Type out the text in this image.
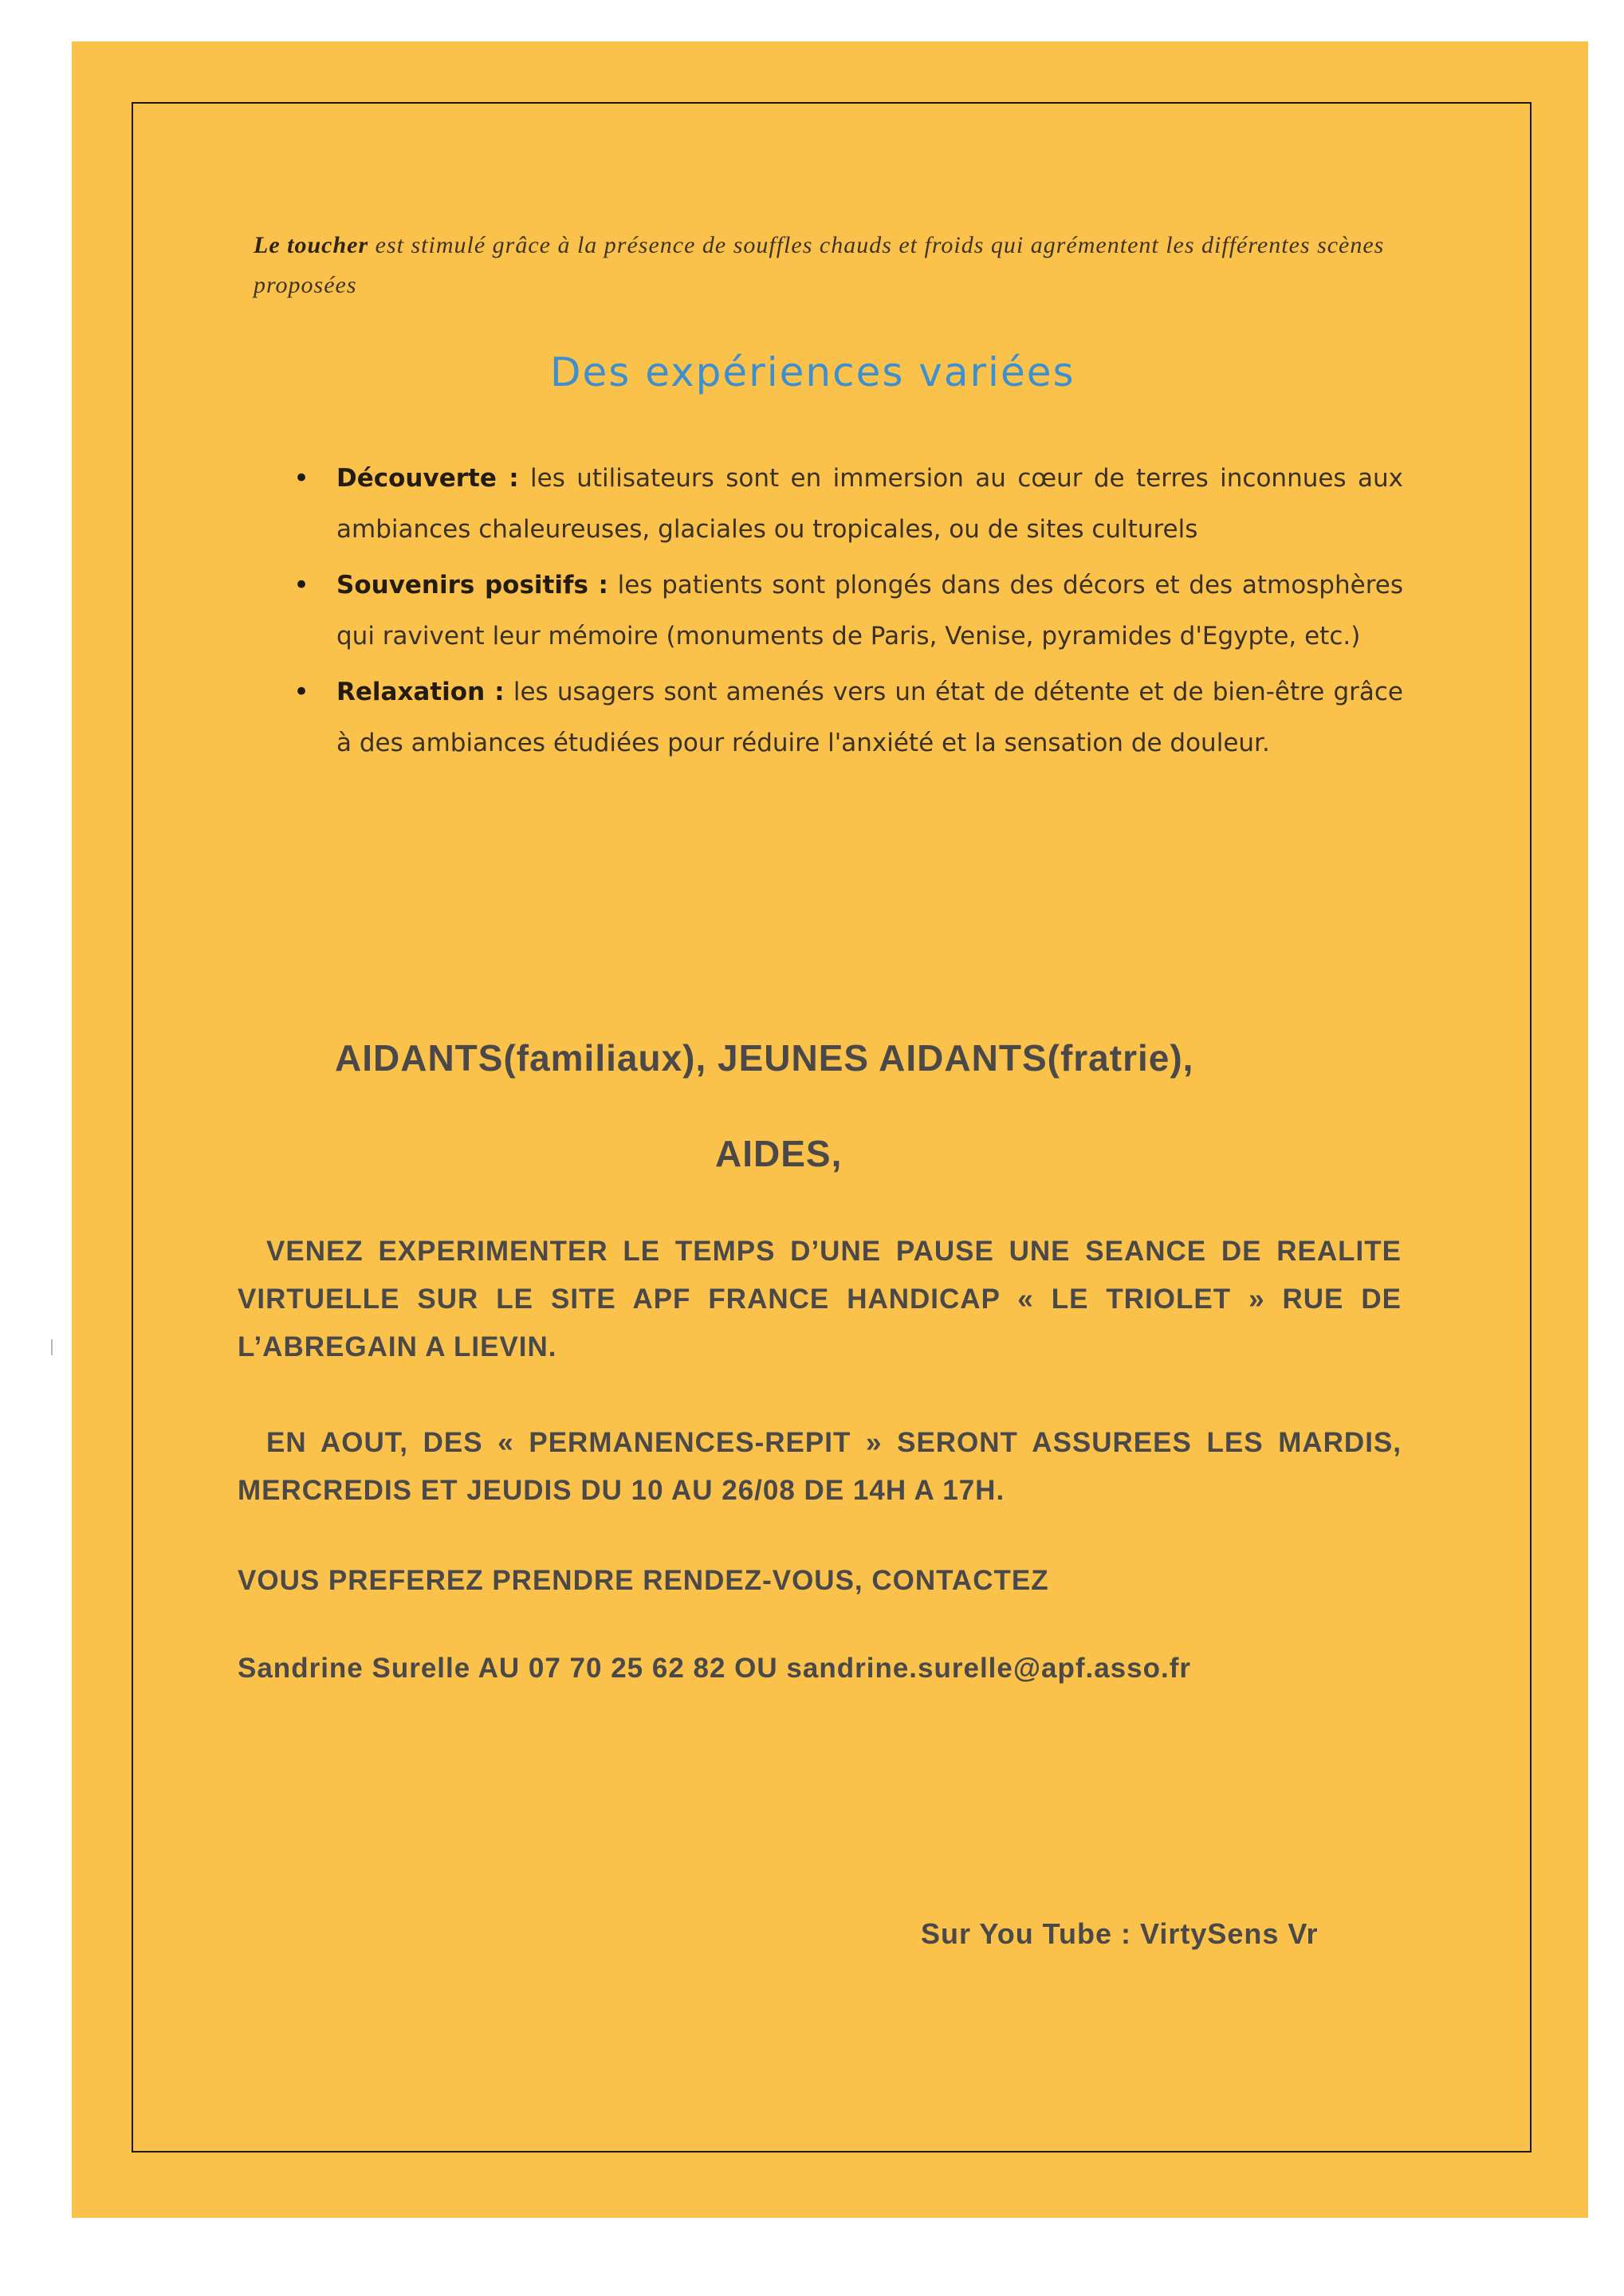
Le toucher est stimulé grâce à la présence de souffles chauds et froids qui agrémentent les différentes scènes proposées

Des expériences variées
• Découverte : les utilisateurs sont en immersion au cœur de terres inconnues aux ambiances chaleureuses, glaciales ou tropicales, ou de sites culturels
• Souvenirs positifs : les patients sont plongés dans des décors et des atmosphères qui ravivent leur mémoire (monuments de Paris, Venise, pyramides d'Egypte, etc.)
• Relaxation : les usagers sont amenés vers un état de détente et de bien-être grâce à des ambiances étudiées pour réduire l'anxiété et la sensation de douleur.
AIDANTS(familiaux), JEUNES AIDANTS(fratrie),
AIDES,

VENEZ EXPERIMENTER LE TEMPS D’UNE PAUSE UNE SEANCE DE REALITE VIRTUELLE SUR LE SITE APF FRANCE HANDICAP « LE TRIOLET » RUE DE L’ABREGAIN A LIEVIN.

EN AOUT, DES « PERMANENCES-REPIT » SERONT ASSUREES LES MARDIS, MERCREDIS ET JEUDIS DU 10 AU 26/08 DE 14H A 17H.

VOUS PREFEREZ PRENDRE RENDEZ-VOUS, CONTACTEZ

Sandrine Surelle AU 07 70 25 62 82 OU sandrine.surelle@apf.asso.fr

Sur You Tube : VirtySens Vr
